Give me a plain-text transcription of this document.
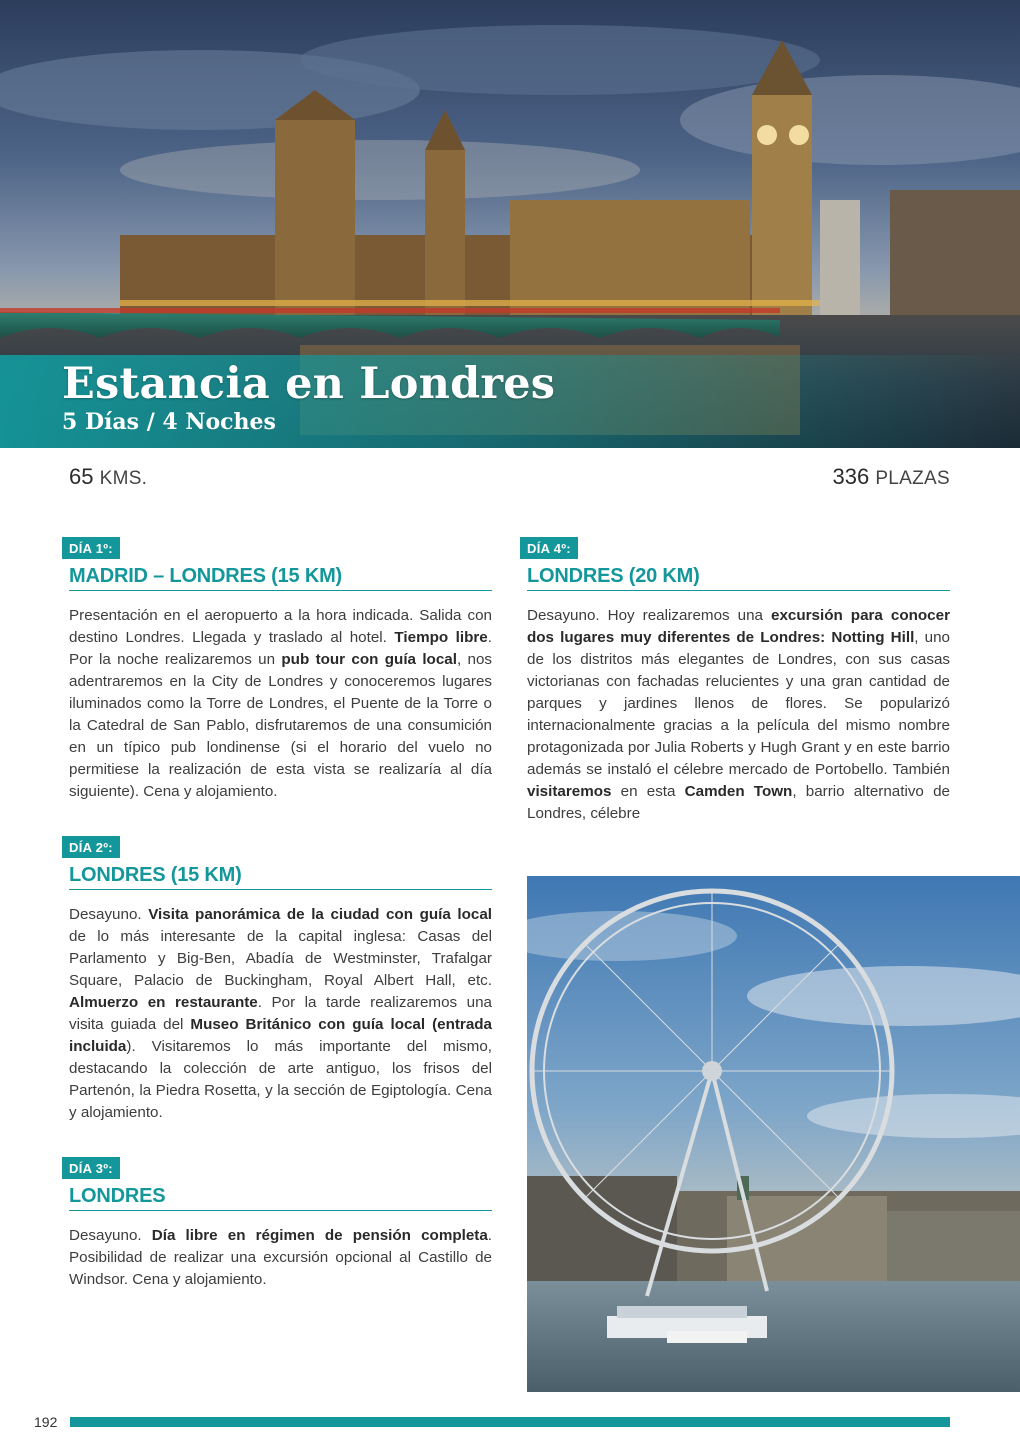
Estancia en Londres
5 Días / 4 Noches
65 KMS.	336 PLAZAS
DÍA 1º:
MADRID – LONDRES (15 KM)

Presentación en el aeropuerto a la hora indicada. Salida con destino Londres. Llegada y traslado al hotel. Tiempo libre. Por la noche realizaremos un pub tour con guía local, nos adentraremos en la City de Londres y conoceremos lugares iluminados como la Torre de Londres, el Puente de la Torre o la Catedral de San Pablo, disfrutaremos de una consumición en un típico pub londinense (si el horario del vuelo no permitiese la realización de esta vista se realizaría al día siguiente). Cena y alojamiento.

DÍA 2º:
LONDRES (15 KM)

Desayuno. Visita panorámica de la ciudad con guía local de lo más interesante de la capital inglesa: Casas del Parlamento y Big-Ben, Abadía de Westminster, Trafalgar Square, Palacio de Buckingham, Royal Albert Hall, etc. Almuerzo en restaurante. Por la tarde realizaremos una visita guiada del Museo Británico con guía local (entrada incluida). Visitaremos lo más importante del mismo, destacando la colección de arte antiguo, los frisos del Partenón, la Piedra Rosetta, y la sección de Egiptología. Cena y alojamiento.

DÍA 3º:
LONDRES

Desayuno. Día libre en régimen de pensión completa. Posibilidad de realizar una excursión opcional al Castillo de Windsor. Cena y alojamiento.

DÍA 4º:
LONDRES (20 KM)

Desayuno. Hoy realizaremos una excursión para conocer dos lugares muy diferentes de Londres: Notting Hill, uno de los distritos más elegantes de Londres, con sus casas victorianas con fachadas relucientes y una gran cantidad de parques y jardines llenos de flores. Se popularizó internacionalmente gracias a la película del mismo nombre protagonizada por Julia Roberts y Hugh Grant y en este barrio además se instaló el célebre mercado de Portobello. También visitaremos en esta Camden Town, barrio alternativo de Londres, célebre

192
